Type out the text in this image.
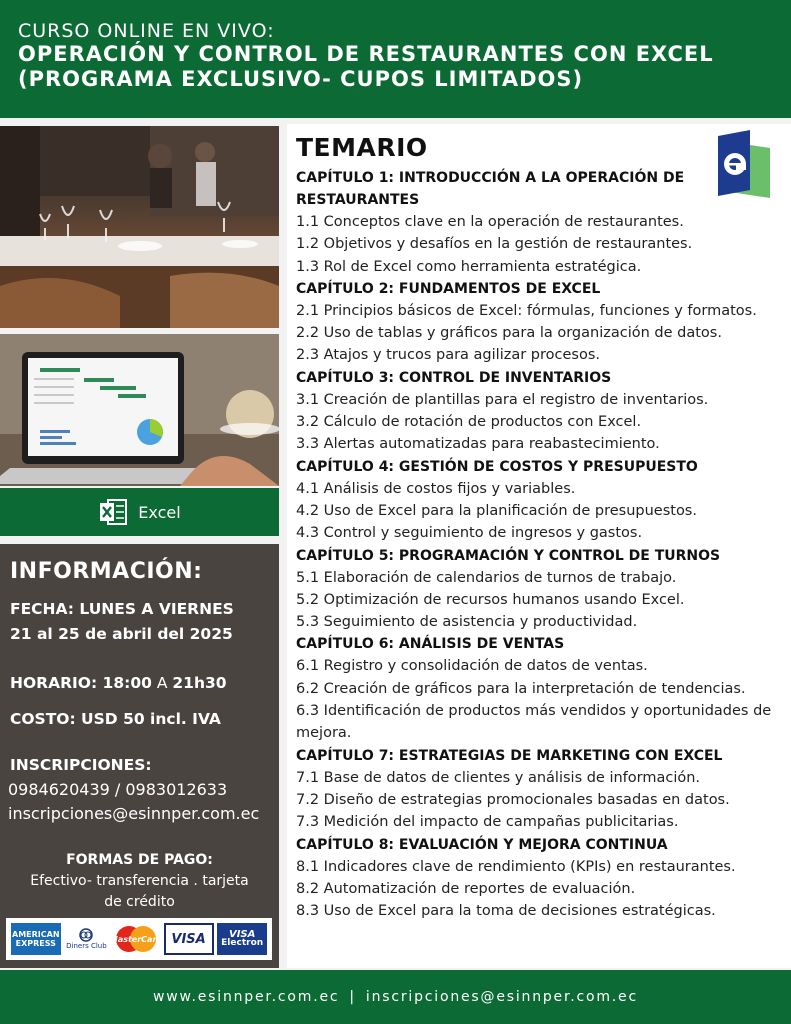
CURSO ONLINE EN VIVO:
OPERACIÓN Y CONTROL DE RESTAURANTES CON EXCEL
(PROGRAMA EXCLUSIVO- CUPOS LIMITADOS)
Excel
INFORMACIÓN:
FECHA: LUNES A VIERNES
21 al 25 de abril del 2025
HORARIO: 18:00 A 21h30
COSTO: USD 50 incl. IVA
INSCRIPCIONES:
0984620439 / 0983012633
inscripciones@esinnper.com.ec
FORMAS DE PAGO:
Efectivo- transferencia . tarjeta
de crédito
AMERICAN EXPRESS	Diners Club
MasterCard VISA	VISA
Electron
TEMARIO
CAPÍTULO 1: INTRODUCCIÓN A LA OPERACIÓN DE RESTAURANTES
1.1 Conceptos clave en la operación de restaurantes.
1.2 Objetivos y desafíos en la gestión de restaurantes.
1.3 Rol de Excel como herramienta estratégica.
CAPÍTULO 2: FUNDAMENTOS DE EXCEL
2.1 Principios básicos de Excel: fórmulas, funciones y formatos.
2.2 Uso de tablas y gráficos para la organización de datos.
2.3 Atajos y trucos para agilizar procesos.
CAPÍTULO 3: CONTROL DE INVENTARIOS
3.1 Creación de plantillas para el registro de inventarios.
3.2 Cálculo de rotación de productos con Excel.
3.3 Alertas automatizadas para reabastecimiento.
CAPÍTULO 4: GESTIÓN DE COSTOS Y PRESUPUESTO
4.1 Análisis de costos fijos y variables.
4.2 Uso de Excel para la planificación de presupuestos.
4.3 Control y seguimiento de ingresos y gastos.
CAPÍTULO 5: PROGRAMACIÓN Y CONTROL DE TURNOS
5.1 Elaboración de calendarios de turnos de trabajo.
5.2 Optimización de recursos humanos usando Excel.
5.3 Seguimiento de asistencia y productividad.
CAPÍTULO 6: ANÁLISIS DE VENTAS
6.1 Registro y consolidación de datos de ventas.
6.2 Creación de gráficos para la interpretación de tendencias.
6.3 Identificación de productos más vendidos y oportunidades de mejora.
CAPÍTULO 7: ESTRATEGIAS DE MARKETING CON EXCEL
7.1 Base de datos de clientes y análisis de información.
7.2 Diseño de estrategias promocionales basadas en datos.
7.3 Medición del impacto de campañas publicitarias.
CAPÍTULO 8: EVALUACIÓN Y MEJORA CONTINUA
8.1 Indicadores clave de rendimiento (KPIs) en restaurantes.
8.2 Automatización de reportes de evaluación.
8.3 Uso de Excel para la toma de decisiones estratégicas.
www.esinnper.com.ec | inscripciones@esinnper.com.ec
